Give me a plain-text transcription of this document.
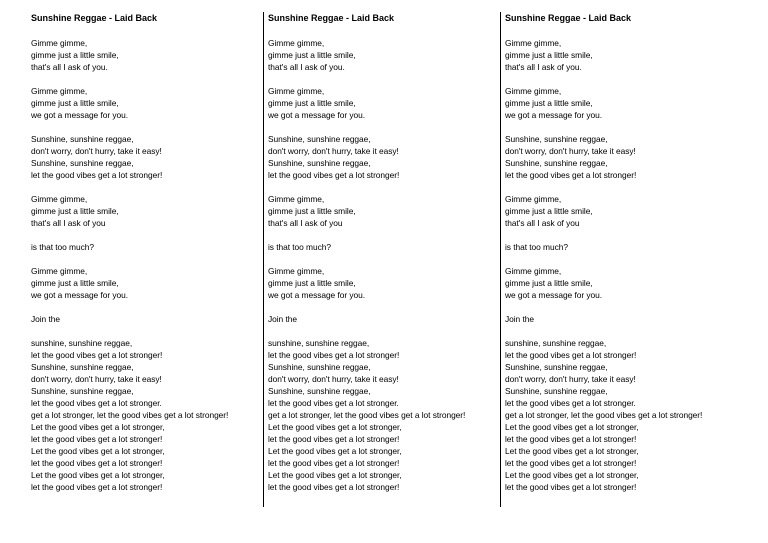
Sunshine Reggae - Laid Back
Gimme gimme,
gimme just a little smile,
that's all I ask of you.
Gimme gimme,
gimme just a little smile,
we got a message for you.
Sunshine, sunshine reggae,
don't worry, don't hurry, take it easy!
Sunshine, sunshine reggae,
let the good vibes get a lot stronger!
Gimme gimme,
gimme just a little smile,
that's all I ask of you
is that too much?
Gimme gimme,
gimme just a little smile,
we got a message for you.
Join the
sunshine, sunshine reggae,
let the good vibes get a lot stronger!
Sunshine, sunshine reggae,
don't worry, don't hurry, take it easy!
Sunshine, sunshine reggae,
let the good vibes get a lot stronger.
get a lot stronger, let the good vibes get a lot stronger!
Let the good vibes get a lot stronger,
let the good vibes get a lot stronger!
Let the good vibes get a lot stronger,
let the good vibes get a lot stronger!
Let the good vibes get a lot stronger,
let the good vibes get a lot stronger!
Sunshine Reggae - Laid Back
Gimme gimme,
gimme just a little smile,
that's all I ask of you.
Gimme gimme,
gimme just a little smile,
we got a message for you.
Sunshine, sunshine reggae,
don't worry, don't hurry, take it easy!
Sunshine, sunshine reggae,
let the good vibes get a lot stronger!
Gimme gimme,
gimme just a little smile,
that's all I ask of you
is that too much?
Gimme gimme,
gimme just a little smile,
we got a message for you.
Join the
sunshine, sunshine reggae,
let the good vibes get a lot stronger!
Sunshine, sunshine reggae,
don't worry, don't hurry, take it easy!
Sunshine, sunshine reggae,
let the good vibes get a lot stronger.
get a lot stronger, let the good vibes get a lot stronger!
Let the good vibes get a lot stronger,
let the good vibes get a lot stronger!
Let the good vibes get a lot stronger,
let the good vibes get a lot stronger!
Let the good vibes get a lot stronger,
let the good vibes get a lot stronger!
Sunshine Reggae - Laid Back
Gimme gimme,
gimme just a little smile,
that's all I ask of you.
Gimme gimme,
gimme just a little smile,
we got a message for you.
Sunshine, sunshine reggae,
don't worry, don't hurry, take it easy!
Sunshine, sunshine reggae,
let the good vibes get a lot stronger!
Gimme gimme,
gimme just a little smile,
that's all I ask of you
is that too much?
Gimme gimme,
gimme just a little smile,
we got a message for you.
Join the
sunshine, sunshine reggae,
let the good vibes get a lot stronger!
Sunshine, sunshine reggae,
don't worry, don't hurry, take it easy!
Sunshine, sunshine reggae,
let the good vibes get a lot stronger.
get a lot stronger, let the good vibes get a lot stronger!
Let the good vibes get a lot stronger,
let the good vibes get a lot stronger!
Let the good vibes get a lot stronger,
let the good vibes get a lot stronger!
Let the good vibes get a lot stronger,
let the good vibes get a lot stronger!
